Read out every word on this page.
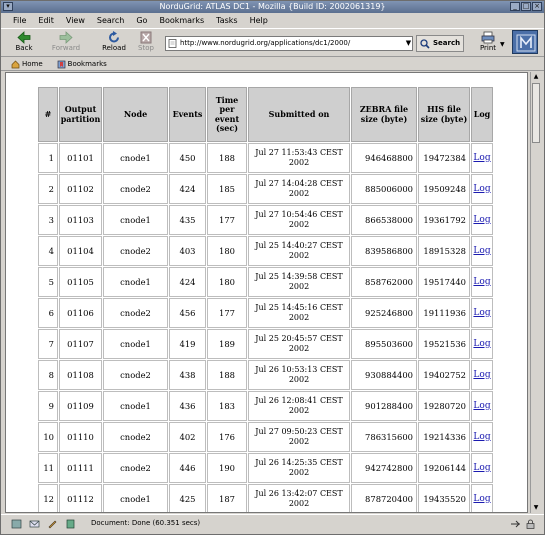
NorduGrid: ATLAS DC1 - Mozilla {Build ID: 2002061319}
▾	_ □ ×
File Edit View Search Go Bookmarks Tasks Help
Back	Forward	Reload	Stop
http://www.nordugrid.org/applications/dc1/2000/	▼	Search
Print ▼
Home	Bookmarks
#	Output partition	Node	Events	Time per event (sec)	Submitted on	ZEBRA file size (byte)	HIS file size (byte)	Log
1	01101	cnode1	450	188	Jul 27 11:53:43 CEST 2002	946468800	19472384	Log
2	01102	cnode2	424	185	Jul 27 14:04:28 CEST 2002	885006000	19509248	Log
3	01103	cnode1	435	177	Jul 27 10:54:46 CEST 2002	866538000	19361792	Log
4	01104	cnode2	403	180	Jul 25 14:40:27 CEST 2002	839586800	18915328	Log
5	01105	cnode1	424	180	Jul 25 14:39:58 CEST 2002	858762000	19517440	Log
6	01106	cnode2	456	177	Jul 25 14:45:16 CEST 2002	925246800	19111936	Log
7	01107	cnode1	419	189	Jul 25 20:45:57 CEST 2002	895503600	19521536	Log
8	01108	cnode2	438	188	Jul 26 10:53:13 CEST 2002	930884400	19402752	Log
9	01109	cnode1	436	183	Jul 26 12:08:41 CEST 2002	901288400	19280720	Log
10	01110	cnode2	402	176	Jul 27 09:50:23 CEST 2002	786315600	19214336	Log
11	01111	cnode2	446	190	Jul 26 14:25:35 CEST 2002	942742800	19206144	Log
12	01112	cnode1	425	187	Jul 26 13:42:07 CEST 2002	878720400	19435520	Log
▲
▼
Document: Done (60.351 secs)
